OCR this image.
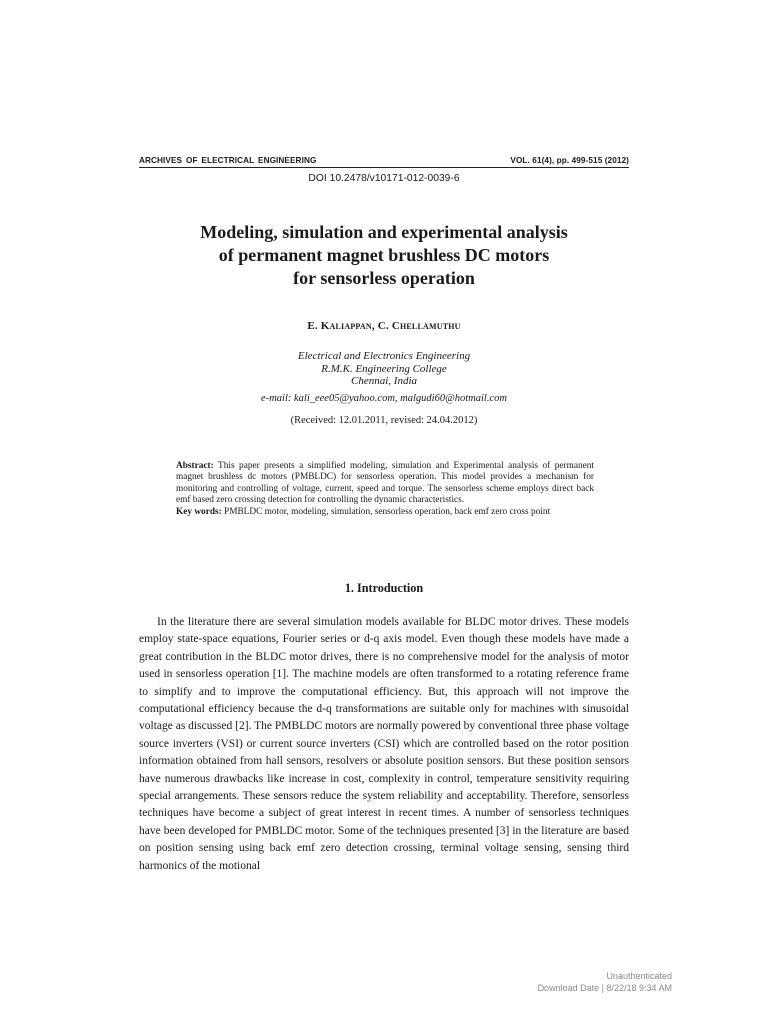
ARCHIVES OF ELECTRICAL ENGINEERING	VOL. 61(4), pp. 499-515 (2012)
DOI 10.2478/v10171-012-0039-6
Modeling, simulation and experimental analysis
of permanent magnet brushless DC motors
for sensorless operation
E. Kaliappan, C. Chellamuthu
Electrical and Electronics Engineering
R.M.K. Engineering College
Chennai, India
e-mail: kali_eee05@yahoo.com, malgudi60@hotmail.com
(Received: 12.01.2011, revised: 24.04.2012)

Abstract: This paper presents a simplified modeling, simulation and Experimental analysis of permanent magnet brushless dc motors (PMBLDC) for sensorless operation. This model provides a mechanism for monitoring and controlling of voltage, current, speed and torque. The sensorless scheme employs direct back emf based zero crossing detection for controlling the dynamic characteristics.

Key words: PMBLDC motor, modeling, simulation, sensorless operation, back emf zero cross point

1. Introduction

In the literature there are several simulation models available for BLDC motor drives. These models employ state-space equations, Fourier series or d-q axis model. Even though these models have made a great contribution in the BLDC motor drives, there is no comprehensive model for the analysis of motor used in sensorless operation [1]. The machine models are often transformed to a rotating reference frame to simplify and to improve the computational efficiency. But, this approach will not improve the computational efficiency because the d-q transformations are suitable only for machines with sinusoidal voltage as discussed [2]. The PMBLDC motors are normally powered by conventional three phase voltage source inverters (VSI) or current source inverters (CSI) which are controlled based on the rotor position information obtained from hall sensors, resolvers or absolute position sensors. But these position sensors have numerous drawbacks like increase in cost, complexity in control, temperature sensitivity requiring special arrangements. These sensors reduce the system reliability and acceptability. Therefore, sensorless techniques have become a subject of great interest in recent times. A number of sensorless techniques have been developed for PMBLDC motor. Some of the techniques presented [3] in the literature are based on position sensing using back emf zero detection crossing, terminal voltage sensing, sensing third harmonics of the motional

Unauthenticated
Download Date | 8/22/18 9:34 AM
